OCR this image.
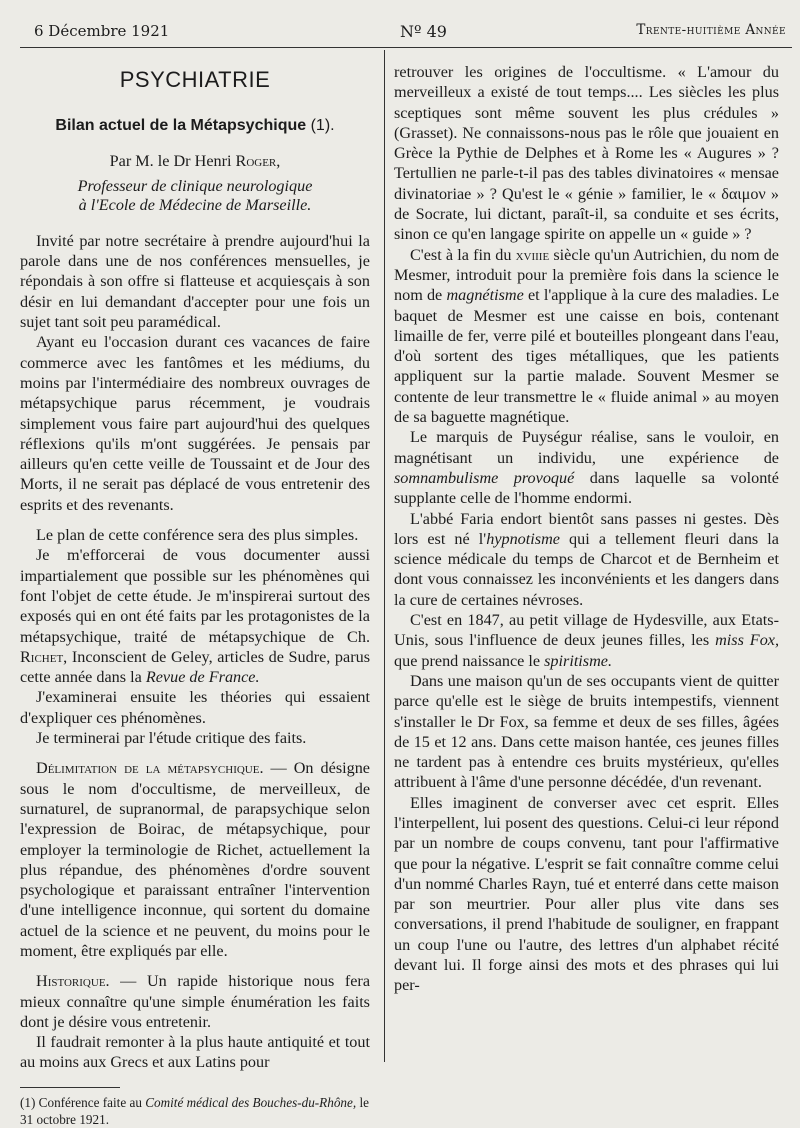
6 Décembre 1921	Nº 49	Trente-huitième Année
PSYCHIATRIE
Bilan actuel de la Métapsychique (1).
Par M. le Dr Henri Roger,
Professeur de clinique neurologique
à l'Ecole de Médecine de Marseille.

Invité par notre secrétaire à prendre aujourd'hui la parole dans une de nos conférences mensuelles, je répondais à son offre si flatteuse et acquiesçais à son désir en lui demandant d'accepter pour une fois un sujet tant soit peu paramédical.

Ayant eu l'occasion durant ces vacances de faire commerce avec les fantômes et les médiums, du moins par l'intermédiaire des nombreux ouvrages de métapsychique parus récemment, je voudrais simplement vous faire part aujourd'hui des quelques réflexions qu'ils m'ont suggérées. Je pensais par ailleurs qu'en cette veille de Toussaint et de Jour des Morts, il ne serait pas déplacé de vous entretenir des esprits et des revenants.

Le plan de cette conférence sera des plus simples.

Je m'efforcerai de vous documenter aussi impartialement que possible sur les phénomènes qui font l'objet de cette étude. Je m'inspirerai surtout des exposés qui en ont été faits par les protagonistes de la métapsychique, traité de métapsychique de Ch. Richet, Inconscient de Geley, articles de Sudre, parus cette année dans la Revue de France.

J'examinerai ensuite les théories qui essaient d'expliquer ces phénomènes.

Je terminerai par l'étude critique des faits.

Délimitation de la métapsychique. — On désigne sous le nom d'occultisme, de merveilleux, de surnaturel, de supranormal, de parapsychique selon l'expression de Boirac, de métapsychique, pour employer la terminologie de Richet, actuellement la plus répandue, des phénomènes d'ordre souvent psychologique et paraissant entraîner l'intervention d'une intelligence inconnue, qui sortent du domaine actuel de la science et ne peuvent, du moins pour le moment, être expliqués par elle.

Historique. — Un rapide historique nous fera mieux connaître qu'une simple énumération les faits dont je désire vous entretenir.

Il faudrait remonter à la plus haute antiquité et tout au moins aux Grecs et aux Latins pour

(1) Conférence faite au Comité médical des Bouches-du-Rhône, le 31 octobre 1921.

retrouver les origines de l'occultisme. « L'amour du merveilleux a existé de tout temps.... Les siècles les plus sceptiques sont même souvent les plus crédules » (Grasset). Ne connaissons-nous pas le rôle que jouaient en Grèce la Pythie de Delphes et à Rome les « Augures » ? Tertullien ne parle-t-il pas des tables divinatoires « mensae divinatoriae » ? Qu'est le « génie » familier, le « δαιμον » de Socrate, lui dictant, paraît-il, sa conduite et ses écrits, sinon ce qu'en langage spirite on appelle un « guide » ?

C'est à la fin du xviiie siècle qu'un Autrichien, du nom de Mesmer, introduit pour la première fois dans la science le nom de magnétisme et l'applique à la cure des maladies. Le baquet de Mesmer est une caisse en bois, contenant limaille de fer, verre pilé et bouteilles plongeant dans l'eau, d'où sortent des tiges métalliques, que les patients appliquent sur la partie malade. Souvent Mesmer se contente de leur transmettre le « fluide animal » au moyen de sa baguette magnétique.

Le marquis de Puységur réalise, sans le vouloir, en magnétisant un individu, une expérience de somnambulisme provoqué dans laquelle sa volonté supplante celle de l'homme endormi.

L'abbé Faria endort bientôt sans passes ni gestes. Dès lors est né l'hypnotisme qui a tellement fleuri dans la science médicale du temps de Charcot et de Bernheim et dont vous connaissez les inconvénients et les dangers dans la cure de certaines névroses.

C'est en 1847, au petit village de Hydesville, aux Etats-Unis, sous l'influence de deux jeunes filles, les miss Fox, que prend naissance le spiritisme.

Dans une maison qu'un de ses occupants vient de quitter parce qu'elle est le siège de bruits intempestifs, viennent s'installer le Dr Fox, sa femme et deux de ses filles, âgées de 15 et 12 ans. Dans cette maison hantée, ces jeunes filles ne tardent pas à entendre ces bruits mystérieux, qu'elles attribuent à l'âme d'une personne décédée, d'un revenant.

Elles imaginent de converser avec cet esprit. Elles l'interpellent, lui posent des questions. Celui-ci leur répond par un nombre de coups convenu, tant pour l'affirmative que pour la négative. L'esprit se fait connaître comme celui d'un nommé Charles Rayn, tué et enterré dans cette maison par son meurtrier. Pour aller plus vite dans ses conversations, il prend l'habitude de souligner, en frappant un coup l'une ou l'autre, des lettres d'un alphabet récité devant lui. Il forge ainsi des mots et des phrases qui lui per-
